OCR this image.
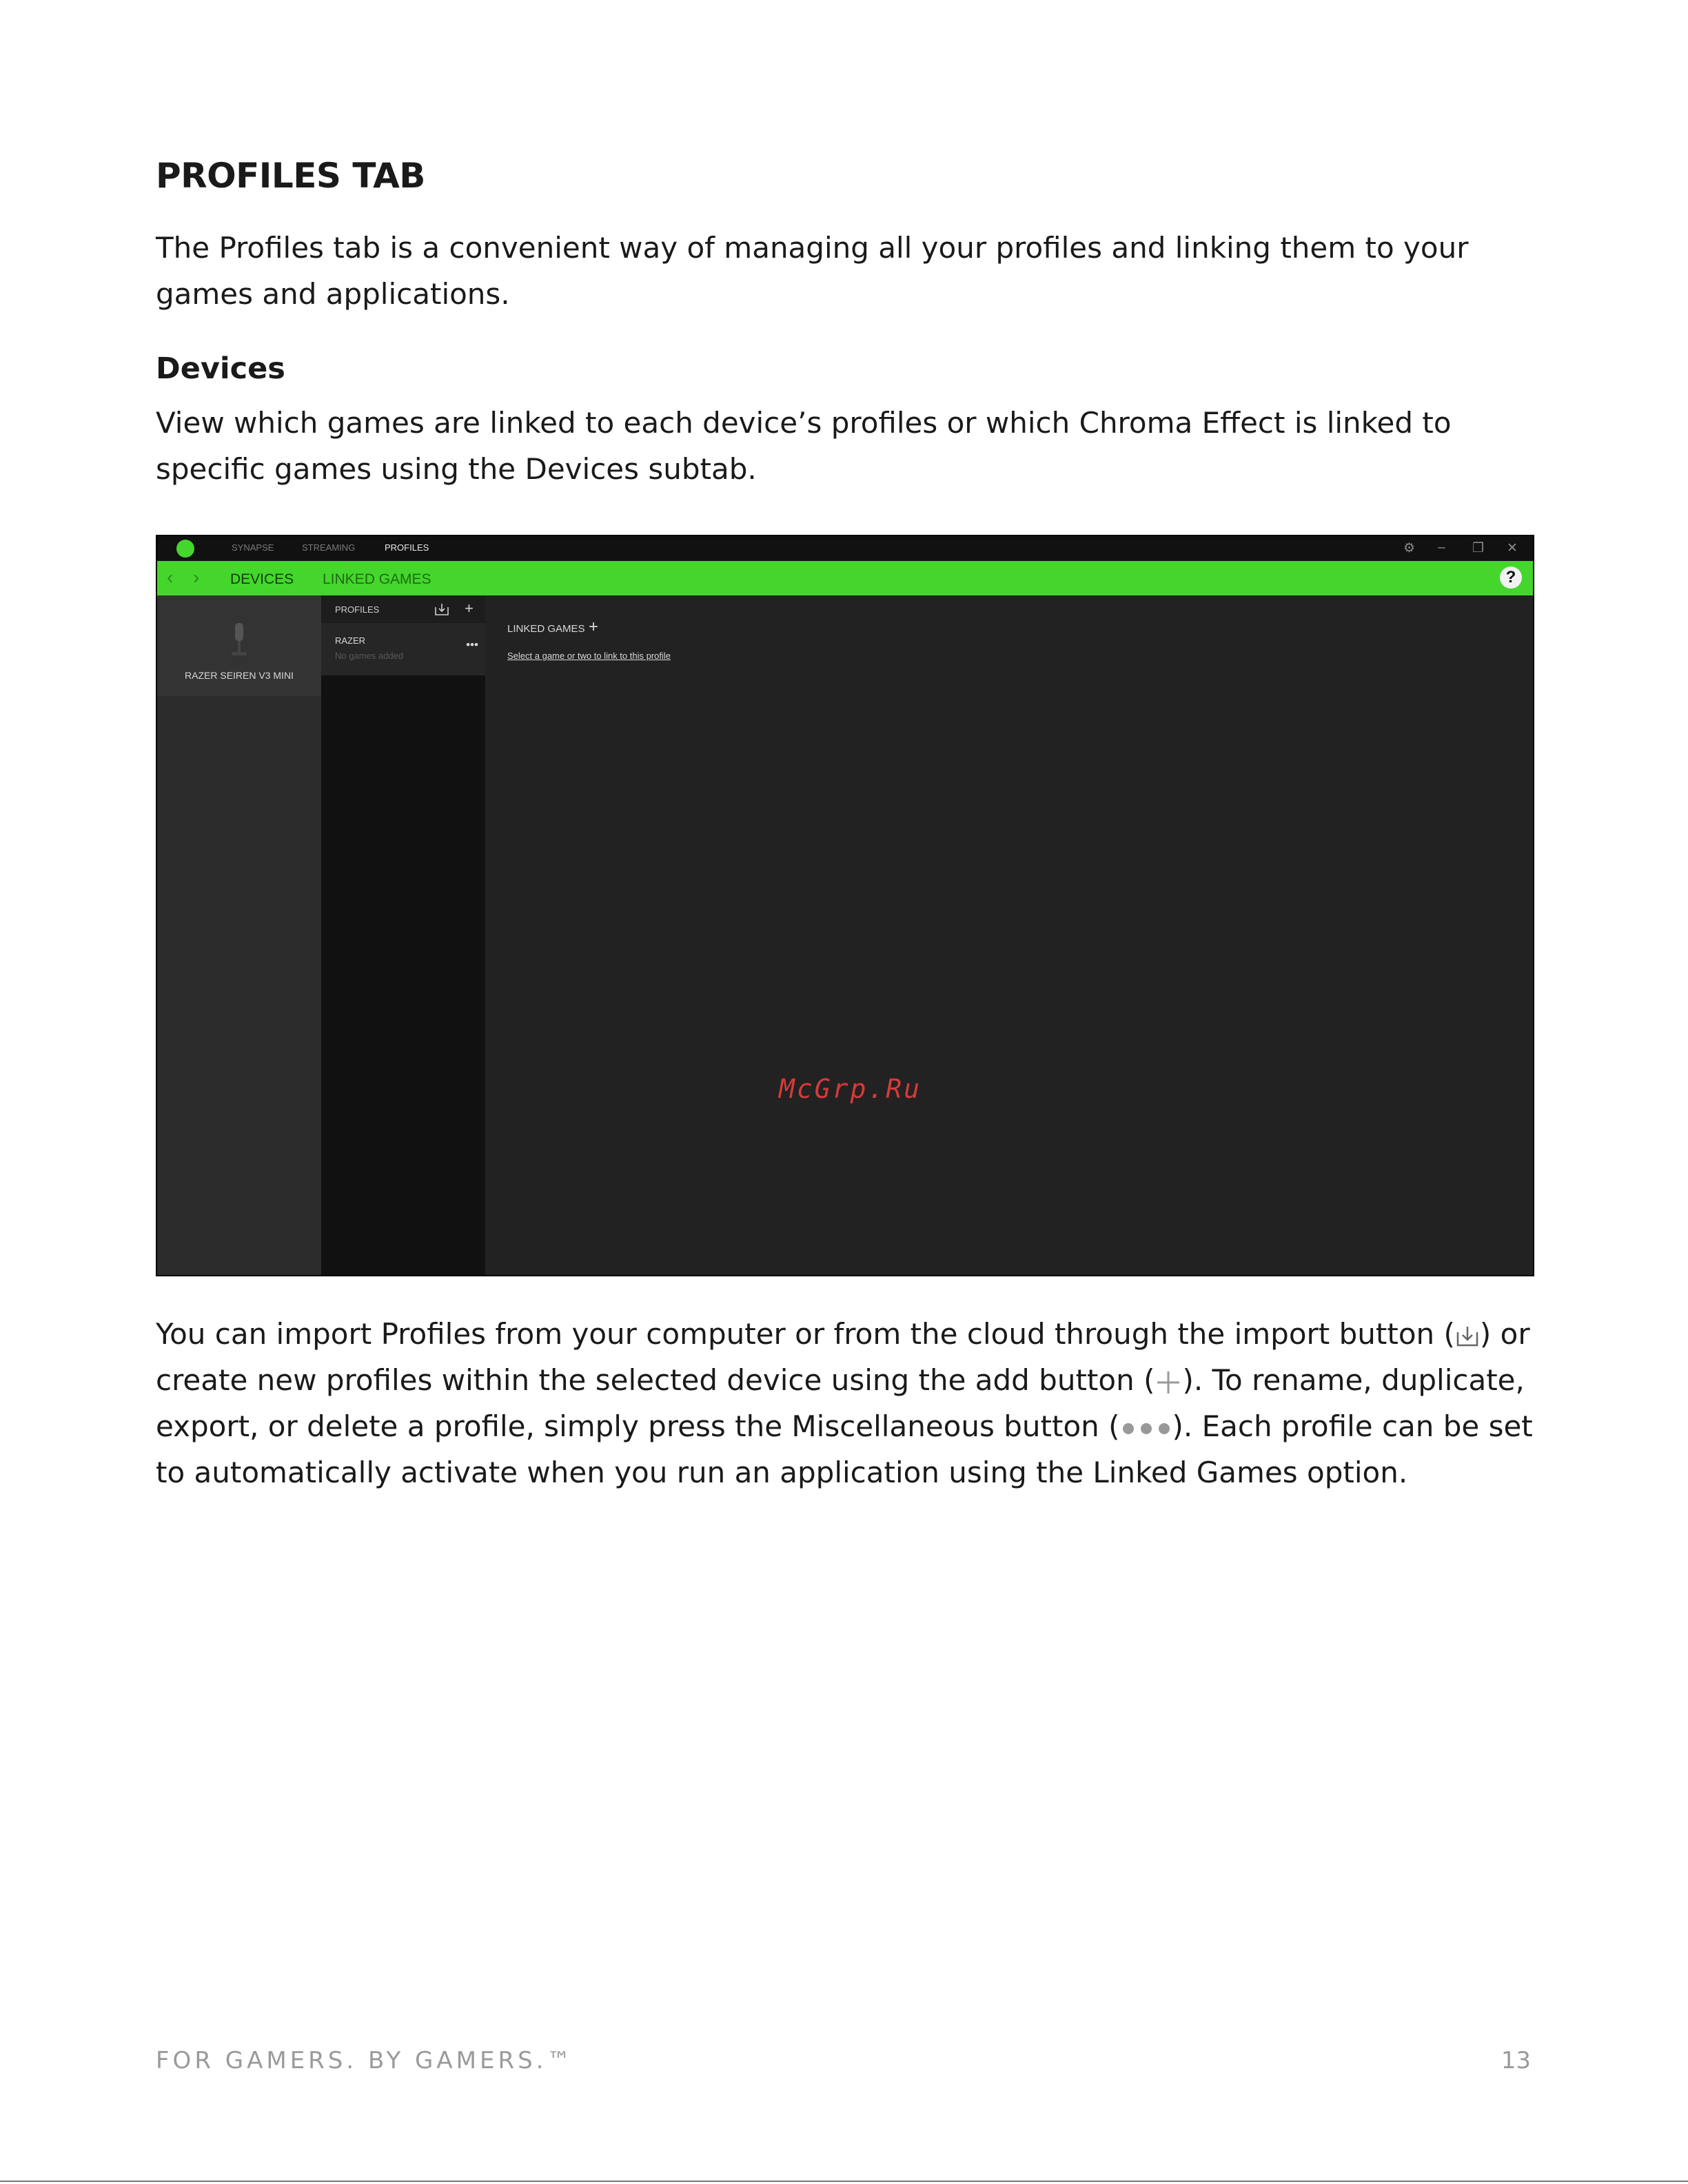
PROFILES TAB

The Profiles tab is a convenient way of managing all your profiles and linking them to your games and applications.

Devices

View which games are linked to each device’s profiles or which Chroma Effect is linked to specific games using the Devices subtab.

SYNAPSE	STREAMING	PROFILES	⚙ – ❐ ✕
‹ › DEVICES LINKED GAMES	?
RAZER SEIREN V3 MINI
PROFILES	+
RAZER
No games added
•••
LINKED GAMES +
Select a game or two to link to this profile
McGrp.Ru

You can import Profiles from your computer or from the cloud through the import button ( ) or create new profiles within the selected device using the add button ( ). To rename, duplicate, export, or delete a profile, simply press the Miscellaneous button ( ). Each profile can be set to automatically activate when you run an application using the Linked Games option.

FOR GAMERS. BY GAMERS.™	13
